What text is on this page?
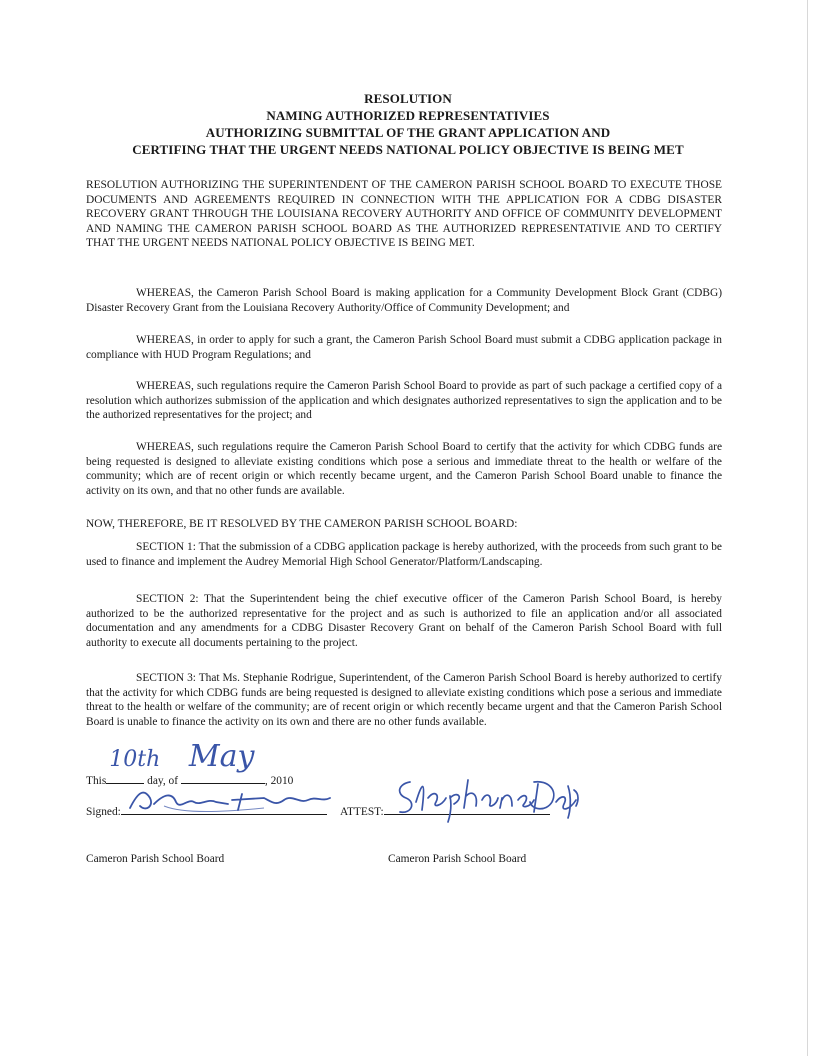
RESOLUTION
NAMING AUTHORIZED REPRESENTATIVIES
AUTHORIZING SUBMITTAL OF THE GRANT APPLICATION AND
CERTIFING THAT THE URGENT NEEDS NATIONAL POLICY OBJECTIVE IS BEING MET
RESOLUTION AUTHORIZING THE SUPERINTENDENT OF THE CAMERON PARISH SCHOOL BOARD TO EXECUTE THOSE DOCUMENTS AND AGREEMENTS REQUIRED IN CONNECTION WITH THE APPLICATION FOR A CDBG DISASTER RECOVERY GRANT THROUGH THE LOUISIANA RECOVERY AUTHORITY AND OFFICE OF COMMUNITY DEVELOPMENT AND NAMING THE CAMERON PARISH SCHOOL BOARD AS THE AUTHORIZED REPRESENTATIVIE AND TO CERTIFY THAT THE URGENT NEEDS NATIONAL POLICY OBJECTIVE IS BEING MET.
WHEREAS, the Cameron Parish School Board is making application for a Community Development Block Grant (CDBG) Disaster Recovery Grant from the Louisiana Recovery Authority/Office of Community Development; and
WHEREAS, in order to apply for such a grant, the Cameron Parish School Board must submit a CDBG application package in compliance with HUD Program Regulations; and
WHEREAS, such regulations require the Cameron Parish School Board to provide as part of such package a certified copy of a resolution which authorizes submission of the application and which designates authorized representatives to sign the application and to be the authorized representatives for the project; and
WHEREAS, such regulations require the Cameron Parish School Board to certify that the activity for which CDBG funds are being requested is designed to alleviate existing conditions which pose a serious and immediate threat to the health or welfare of the community; which are of recent origin or which recently became urgent, and the Cameron Parish School Board unable to finance the activity on its own, and that no other funds are available.
NOW, THEREFORE, BE IT RESOLVED BY THE CAMERON PARISH SCHOOL BOARD:
SECTION 1: That the submission of a CDBG application package is hereby authorized, with the proceeds from such grant to be used to finance and implement the Audrey Memorial High School Generator/Platform/Landscaping.
SECTION 2: That the Superintendent being the chief executive officer of the Cameron Parish School Board, is hereby authorized to be the authorized representative for the project and as such is authorized to file an application and/or all associated documentation and any amendments for a CDBG Disaster Recovery Grant on behalf of the Cameron Parish School Board with full authority to execute all documents pertaining to the project.
SECTION 3: That Ms. Stephanie Rodrigue, Superintendent, of the Cameron Parish School Board is hereby authorized to certify that the activity for which CDBG funds are being requested is designed to alleviate existing conditions which pose a serious and immediate threat to the health or welfare of the community; are of recent origin or which recently became urgent and that the Cameron Parish School Board is unable to finance the activity on its own and there are no other funds available.
This
10th
day, of
May
, 2010
Signed:	ATTEST:
Cameron Parish School Board	Cameron Parish School Board
